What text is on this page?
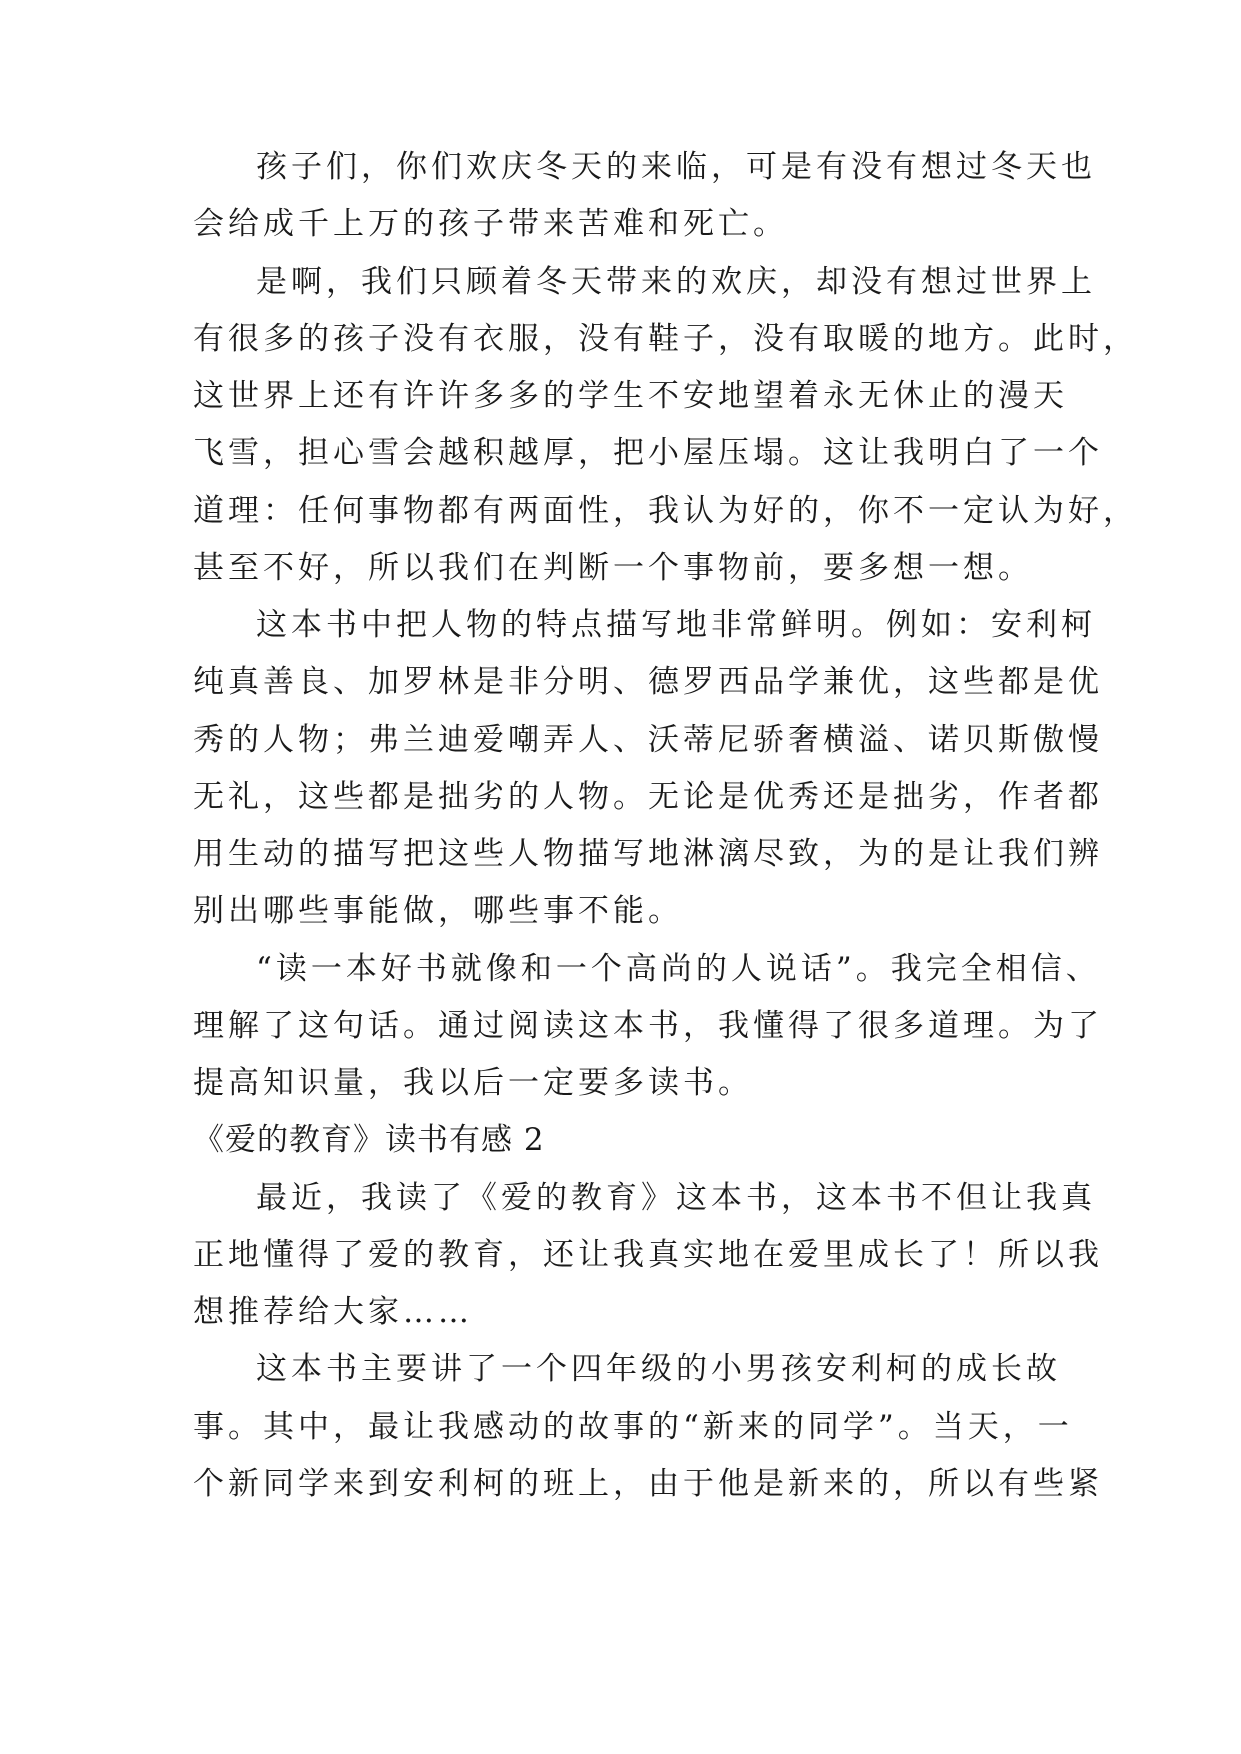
孩子们，你们欢庆冬天的来临，可是有没有想过冬天也
会给成千上万的孩子带来苦难和死亡。
是啊，我们只顾着冬天带来的欢庆，却没有想过世界上
有很多的孩子没有衣服，没有鞋子，没有取暖的地方。此时，
这世界上还有许许多多的学生不安地望着永无休止的漫天
飞雪，担心雪会越积越厚，把小屋压塌。这让我明白了一个
道理：任何事物都有两面性，我认为好的，你不一定认为好，
甚至不好，所以我们在判断一个事物前，要多想一想。
这本书中把人物的特点描写地非常鲜明。例如：安利柯
纯真善良、加罗林是非分明、德罗西品学兼优，这些都是优
秀的人物；弗兰迪爱嘲弄人、沃蒂尼骄奢横溢、诺贝斯傲慢
无礼，这些都是拙劣的人物。无论是优秀还是拙劣，作者都
用生动的描写把这些人物描写地淋漓尽致，为的是让我们辨
别出哪些事能做，哪些事不能。
“读一本好书就像和一个高尚的人说话”。我完全相信、
理解了这句话。通过阅读这本书，我懂得了很多道理。为了
提高知识量，我以后一定要多读书。
《爱的教育》读书有感 2
最近，我读了《爱的教育》这本书，这本书不但让我真
正地懂得了爱的教育，还让我真实地在爱里成长了！所以我
想推荐给大家……
这本书主要讲了一个四年级的小男孩安利柯的成长故
事。其中，最让我感动的故事的“新来的同学”。当天，一
个新同学来到安利柯的班上，由于他是新来的，所以有些紧
